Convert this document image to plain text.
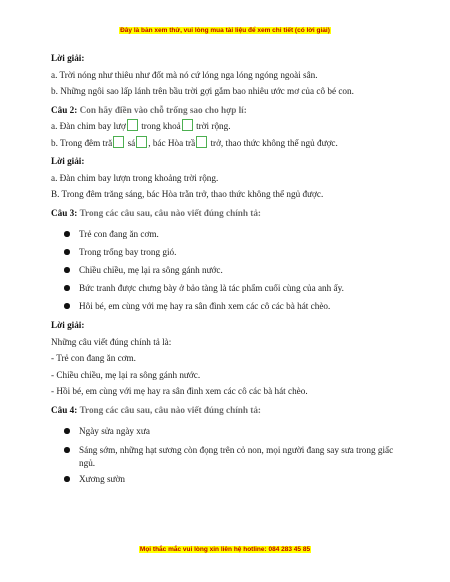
Đây là bản xem thử, vui lòng mua tài liệu để xem chi tiết (có lời giải)
Lời giải:
a. Trời nóng như thiêu như đốt mà nó cứ lóng nga lóng ngóng ngoài sân.
b. Những ngôi sao lấp lánh trên bầu trời gợi gắm bao nhiêu ước mơ của cô bé con.
Câu 2: Con hãy điền vào chỗ trống sao cho hợp lí:
a. Đàn chim bay lượ trong khoả trời rộng.
b. Trong đêm tră sá , bác Hòa trầ trở, thao thức không thể ngủ được.
Lời giải:
a. Đàn chim bay lượn trong khoảng trời rộng.
B. Trong đêm trăng sáng, bác Hòa trằn trở, thao thức không thể ngủ được.
Câu 3: Trong các câu sau, câu nào viết đúng chính tả:
Trẻ con đang ăn cơm.
Trong trống bay trong gió.
Chiều chiều, mẹ lại ra sông gánh nước.
Bức tranh được chưng bày ở bảo tàng là tác phẩm cuối cùng của anh ấy.
Hôi bé, em cùng với mẹ hay ra sân đình xem các cô các bà hát chèo.
Lời giải:
Những câu viết đúng chính tả là:
- Trẻ con đang ăn cơm.
- Chiều chiều, mẹ lại ra sông gánh nước.
- Hồi bé, em cùng với mẹ hay ra sân đình xem các cô các bà hát chèo.
Câu 4: Trong các câu sau, câu nào viết đúng chính tả:
Ngày sửa ngày xưa
Sáng sớm, những hạt sương còn đọng trên cỏ non, mọi người đang say sưa trong giấc ngủ.
Xương sườn
Mọi thắc mắc vui lòng xin liên hệ hotline: 084 283 45 85
